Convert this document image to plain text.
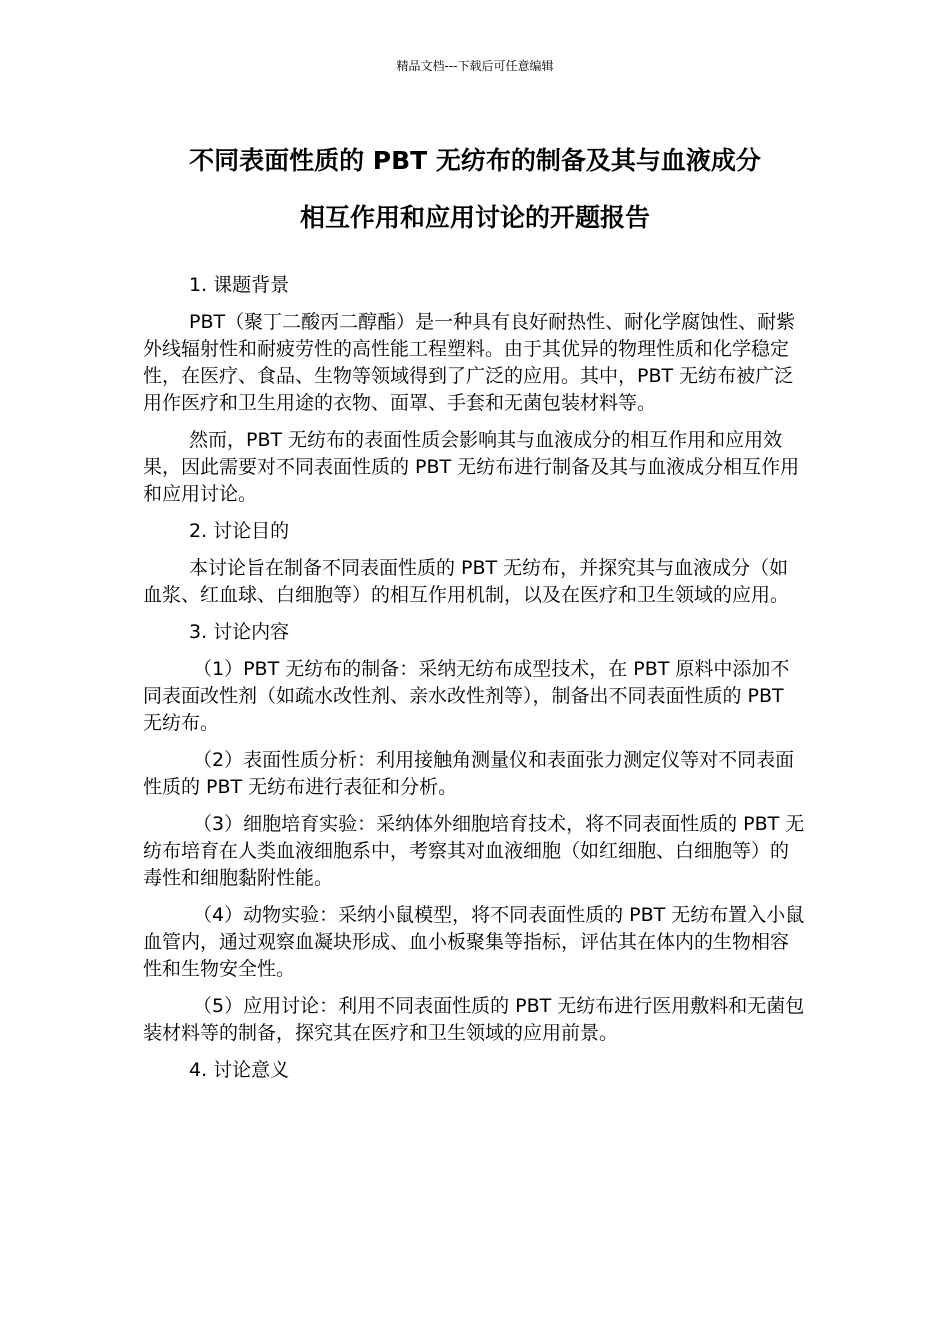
精品文档---下载后可任意编辑
不同表面性质的 PBT 无纺布的制备及其与血液成分
相互作用和应用讨论的开题报告

1. 课题背景

PBT（聚丁二酸丙二醇酯）是一种具有良好耐热性、耐化学腐蚀性、耐紫外线辐射性和耐疲劳性的高性能工程塑料。由于其优异的物理性质和化学稳定性，在医疗、食品、生物等领域得到了广泛的应用。其中，PBT 无纺布被广泛用作医疗和卫生用途的衣物、面罩、手套和无菌包装材料等。

然而，PBT 无纺布的表面性质会影响其与血液成分的相互作用和应用效果，因此需要对不同表面性质的 PBT 无纺布进行制备及其与血液成分相互作用和应用讨论。

2. 讨论目的

本讨论旨在制备不同表面性质的 PBT 无纺布，并探究其与血液成分（如血浆、红血球、白细胞等）的相互作用机制，以及在医疗和卫生领域的应用。

3. 讨论内容

（1）PBT 无纺布的制备：采纳无纺布成型技术，在 PBT 原料中添加不同表面改性剂（如疏水改性剂、亲水改性剂等），制备出不同表面性质的 PBT 无纺布。

（2）表面性质分析：利用接触角测量仪和表面张力测定仪等对不同表面性质的 PBT 无纺布进行表征和分析。

（3）细胞培育实验：采纳体外细胞培育技术，将不同表面性质的 PBT 无纺布培育在人类血液细胞系中，考察其对血液细胞（如红细胞、白细胞等）的毒性和细胞黏附性能。

（4）动物实验：采纳小鼠模型，将不同表面性质的 PBT 无纺布置入小鼠血管内，通过观察血凝块形成、血小板聚集等指标，评估其在体内的生物相容性和生物安全性。

（5）应用讨论：利用不同表面性质的 PBT 无纺布进行医用敷料和无菌包装材料等的制备，探究其在医疗和卫生领域的应用前景。

4. 讨论意义
